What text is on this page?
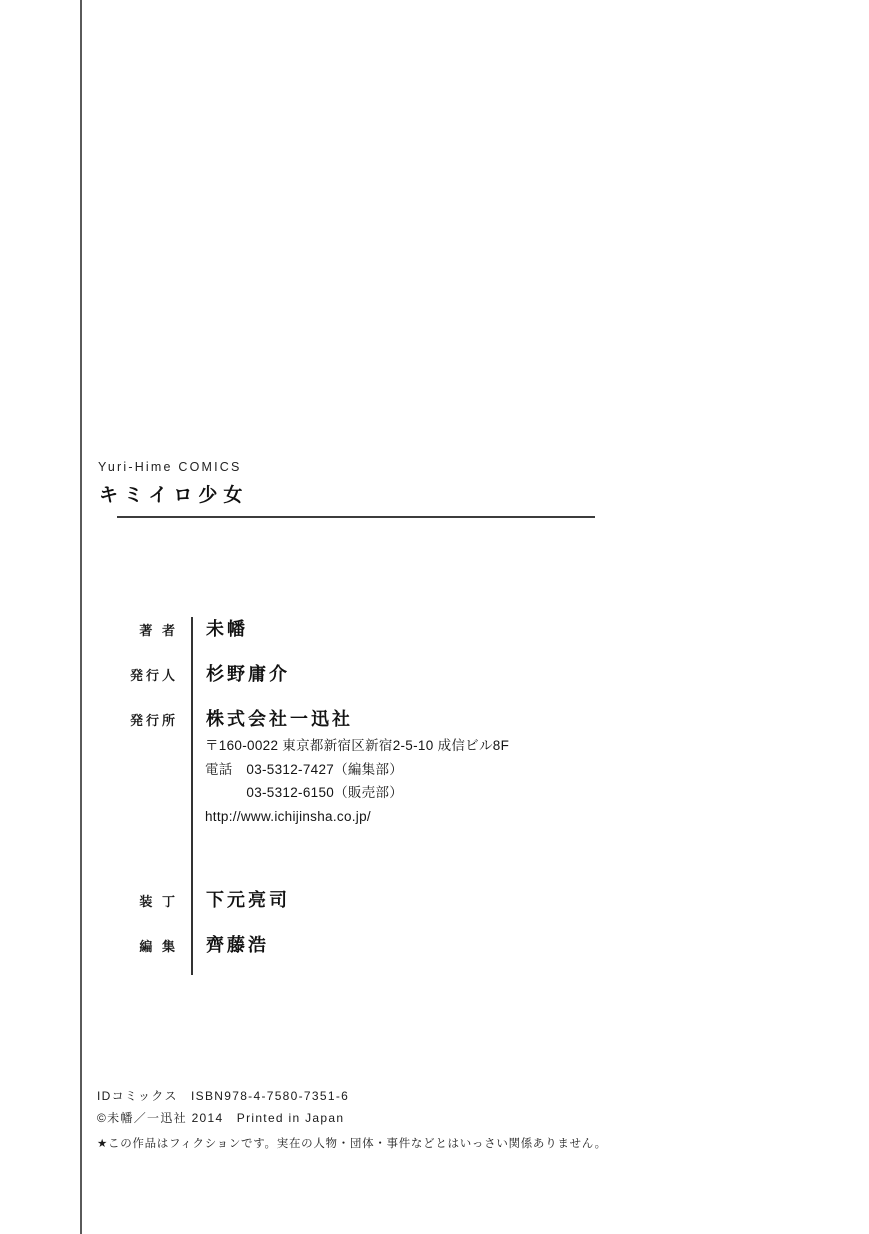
Yuri-Hime COMICS
キミイロ少女
著 者 未幡
発行人 杉野庸介
発行所 株式会社一迅社
〒160-0022 東京都新宿区新宿2-5-10 成信ビル8F
電話　03-5312-7427（編集部）
　　　03-5312-6150（販売部）
http://www.ichijinsha.co.jp/
装 丁 下元亮司
編 集 齊藤浩
IDコミックス　ISBN978-4-7580-7351-6
©未幡／一迅社 2014　Printed in Japan
★この作品はフィクションです。実在の人物・団体・事件などとはいっさい関係ありません。
